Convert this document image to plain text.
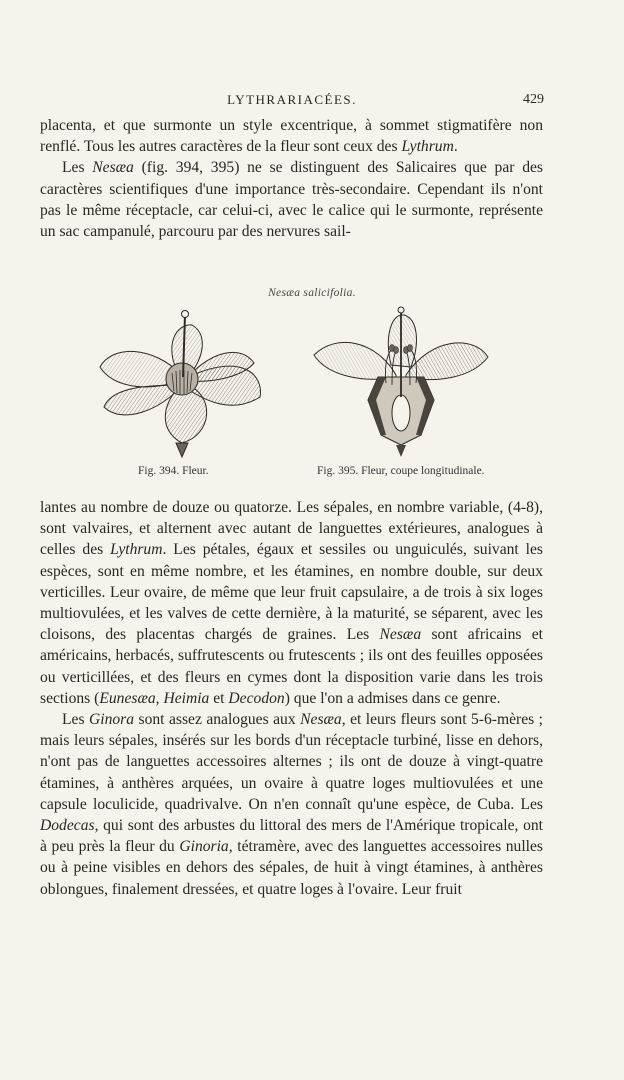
LYTHRARIACÉES.	429

placenta, et que surmonte un style excentrique, à sommet stigmatifère non renflé. Tous les autres caractères de la fleur sont ceux des Lythrum.

Les Nesæa (fig. 394, 395) ne se distinguent des Salicaires que par des caractères scientifiques d'une importance très-secondaire. Cependant ils n'ont pas le même réceptacle, car celui-ci, avec le calice qui le surmonte, représente un sac campanulé, parcouru par des nervures sail-

Nesæa salicifolia.
Fig. 394. Fleur.	Fig. 395. Fleur, coupe longitudinale.

lantes au nombre de douze ou quatorze. Les sépales, en nombre variable, (4-8), sont valvaires, et alternent avec autant de languettes extérieures, analogues à celles des Lythrum. Les pétales, égaux et sessiles ou unguiculés, suivant les espèces, sont en même nombre, et les étamines, en nombre double, sur deux verticilles. Leur ovaire, de même que leur fruit capsulaire, a de trois à six loges multiovulées, et les valves de cette dernière, à la maturité, se séparent, avec les cloisons, des placentas chargés de graines. Les Nesæa sont africains et américains, herbacés, suffrutescents ou frutescents ; ils ont des feuilles opposées ou verticillées, et des fleurs en cymes dont la disposition varie dans les trois sections (Eunesæa, Heimia et Decodon) que l'on a admises dans ce genre.

Les Ginora sont assez analogues aux Nesæa, et leurs fleurs sont 5-6-mères ; mais leurs sépales, insérés sur les bords d'un réceptacle turbiné, lisse en dehors, n'ont pas de languettes accessoires alternes ; ils ont de douze à vingt-quatre étamines, à anthères arquées, un ovaire à quatre loges multiovulées et une capsule loculicide, quadrivalve. On n'en connaît qu'une espèce, de Cuba. Les Dodecas, qui sont des arbustes du littoral des mers de l'Amérique tropicale, ont à peu près la fleur du Ginoria, tétramère, avec des languettes accessoires nulles ou à peine visibles en dehors des sépales, de huit à vingt étamines, à anthères oblongues, finalement dressées, et quatre loges à l'ovaire. Leur fruit
